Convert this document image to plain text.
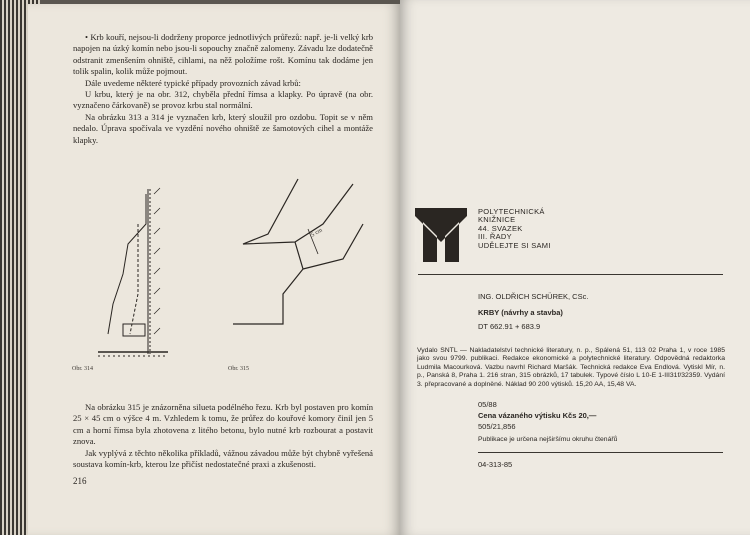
• Krb kouří, nejsou-li dodrženy proporce jednotlivých průřezů: např. je-li velký krb napojen na úzký komín nebo jsou-li sopouchy značně zalomeny. Závadu lze dodatečně odstranit zmenšením ohniště, cihlami, na něž položíme rošt. Komínu tak dodáme jen tolik spalin, kolik může pojmout.

Dále uvedeme některé typické případy provozních závad krbů:

U krbu, který je na obr. 312, chyběla přední římsa a klapky. Po úpravě (na obr. vyznačeno čárkovaně) se provoz krbu stal normální.

Na obrázku 313 a 314 je vyznačen krb, který sloužil pro ozdobu. Topit se v něm nedalo. Úprava spočívala ve vyzdění nového ohniště ze šamotových cihel a montáže klapky.

Obr. 314
5 cm
Obr. 315

Na obrázku 315 je znázorněna silueta podélného řezu. Krb byl postaven pro komín 25 × 45 cm o výšce 4 m. Vzhledem k tomu, že průřez do kouřové komory činil jen 5 cm a horní římsa byla zhotovena z litého betonu, bylo nutné krb rozbourat a postavit znova.

Jak vyplývá z těchto několika příkladů, vážnou závadou může být chybně vyřešená soustava komín-krb, kterou lze přičíst nedostatečné praxi a zkušenosti.

216
POLYTECHNICKÁ
KNIŽNICE
44. SVAZEK
III. ŘADY
UDĚLEJTE SI SAMI
ING. OLDŘICH SCHÜREK, CSc.
KRBY (návrhy a stavba)
DT 662.91 + 683.9
Vydalo SNTL — Nakladatelství technické literatury, n. p., Spálená 51, 113 02 Praha 1, v roce 1985 jako svou 9799. publikaci. Redakce ekonomické a polytechnické literatury. Odpovědná redaktorka Ludmila Macourková. Vazbu navrhl Richard Maršák. Technická redakce Eva Endlová. Vytiskl Mír, n. p., Panská 8, Praha 1. 216 stran, 315 obrázků, 17 tabulek. Typové číslo L 10-E 1-III31f/32359. Vydání 3. přepracované a doplněné. Náklad 90 200 výtisků. 15,20 AA, 15,48 VA.
05/88
Cena vázaného výtisku Kčs 20,—
505/21,856
Publikace je určena nejširšímu okruhu čtenářů
04-313-85
